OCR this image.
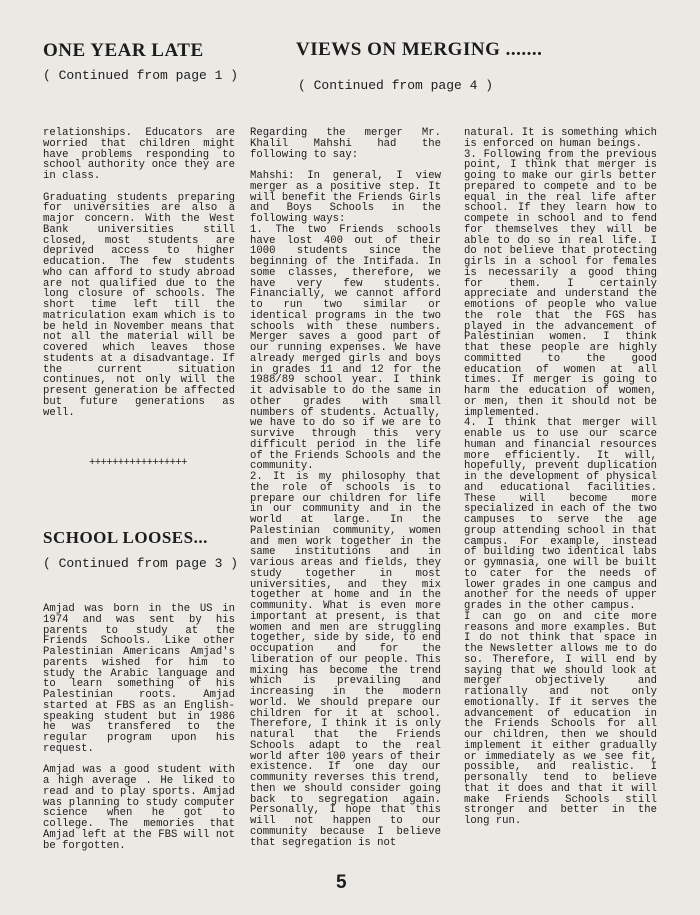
ONE YEAR LATE
( Continued from page 1 )

relationships. Educators are worried that children might have problems responding to school authority once they are in class.

Graduating students preparing for universities are also a major concern. With the West Bank universities still closed, most students are deprived access to higher education. The few students who can afford to study abroad are not qualified due to the long closure of schools. The short time left till the matriculation exam which is to be held in November means that not all the material will be covered which leaves those students at a disadvantage. If the current situation continues, not only will the present generation be affected but future generations as well.

+++++++++++++++++
SCHOOL LOOSES...
( Continued from page 3 )

Amjad was born in the US in 1974 and was sent by his parents to study at the Friends Schools. Like other Palestinian Americans Amjad's parents wished for him to study the Arabic language and to learn something of his Palestinian roots. Amjad started at FBS as an English-speaking student but in 1986 he was transfered to the regular program upon his request.

Amjad was a good student with a high average . He liked to read and to play sports. Amjad was planning to study computer science when he got to college. The memories that Amjad left at the FBS will not be forgotten.

VIEWS ON MERGING .......
( Continued from page 4 )

Regarding the merger Mr. Khalil Mahshi had the following to say:

Mahshi: In general, I view merger as a positive step. It will benefit the Friends Girls and Boys Schools in the following ways:

1. The two Friends schools have lost 400 out of their 1000 students since the beginning of the Intifada. In some classes, therefore, we have very few students. Financially, we cannot afford to run two similar or identical programs in the two schools with these numbers. Merger saves a good part of our running expenses. We have already merged girls and boys in grades 11 and 12 for the 1988/89 school year. I think it advisable to do the same in other grades with small numbers of students. Actually, we have to do so if we are to survive through this very difficult period in the life of the Friends Schools and the community.

2. It is my philosophy that the role of schools is to prepare our children for life in our community and in the world at large. In the Palestinian community, women and men work together in the same institutions and in various areas and fields, they study together in most universities, and they mix together at home and in the community. What is even more important at present, is that women and men are struggling together, side by side, to end occupation and for the liberation of our people. This mixing has become the trend which is prevailing and increasing in the modern world. We should prepare our children for it at school. Therefore, I think it is only natural that the Friends Schools adapt to the real world after 100 years of their existence. If one day our community reverses this trend, then we should consider going back to segregation again. Personally, I hope that this will not happen to our community because I believe that segregation is not

natural. It is something which is enforced on human beings.

3. Following from the previous point, I think that merger is going to make our girls better prepared to compete and to be equal in the real life after school. If they learn how to compete in school and to fend for themselves they will be able to do so in real life. I do not believe that protecting girls in a school for females is necessarily a good thing for them. I certainly appreciate and understand the emotions of people who value the role that the FGS has played in the advancement of Palestinian women. I think that these people are highly committed to the good education of women at all times. If merger is going to harm the education of women, or men, then it should not be implemented.

4. I think that merger will enable us to use our scarce human and financial resources more efficiently. It will, hopefully, prevent duplication in the development of physical and educational facilities. These will become more specialized in each of the two campuses to serve the age group attending school in that campus. For example, instead of building two identical labs or gymnasia, one will be built to cater for the needs of lower grades in one campus and another for the needs of upper grades in the other campus.

I can go on and cite more reasons and more examples. But I do not think that space in the Newsletter allows me to do so. Therefore, I will end by saying that we should look at merger objectively and rationally and not only emotionally. If it serves the advancement of education in the Friends Schools for all our children, then we should implement it either gradually or immediately as we see fit, possible, and realistic. I personally tend to believe that it does and that it will make Friends Schools still stronger and better in the long run.

5
